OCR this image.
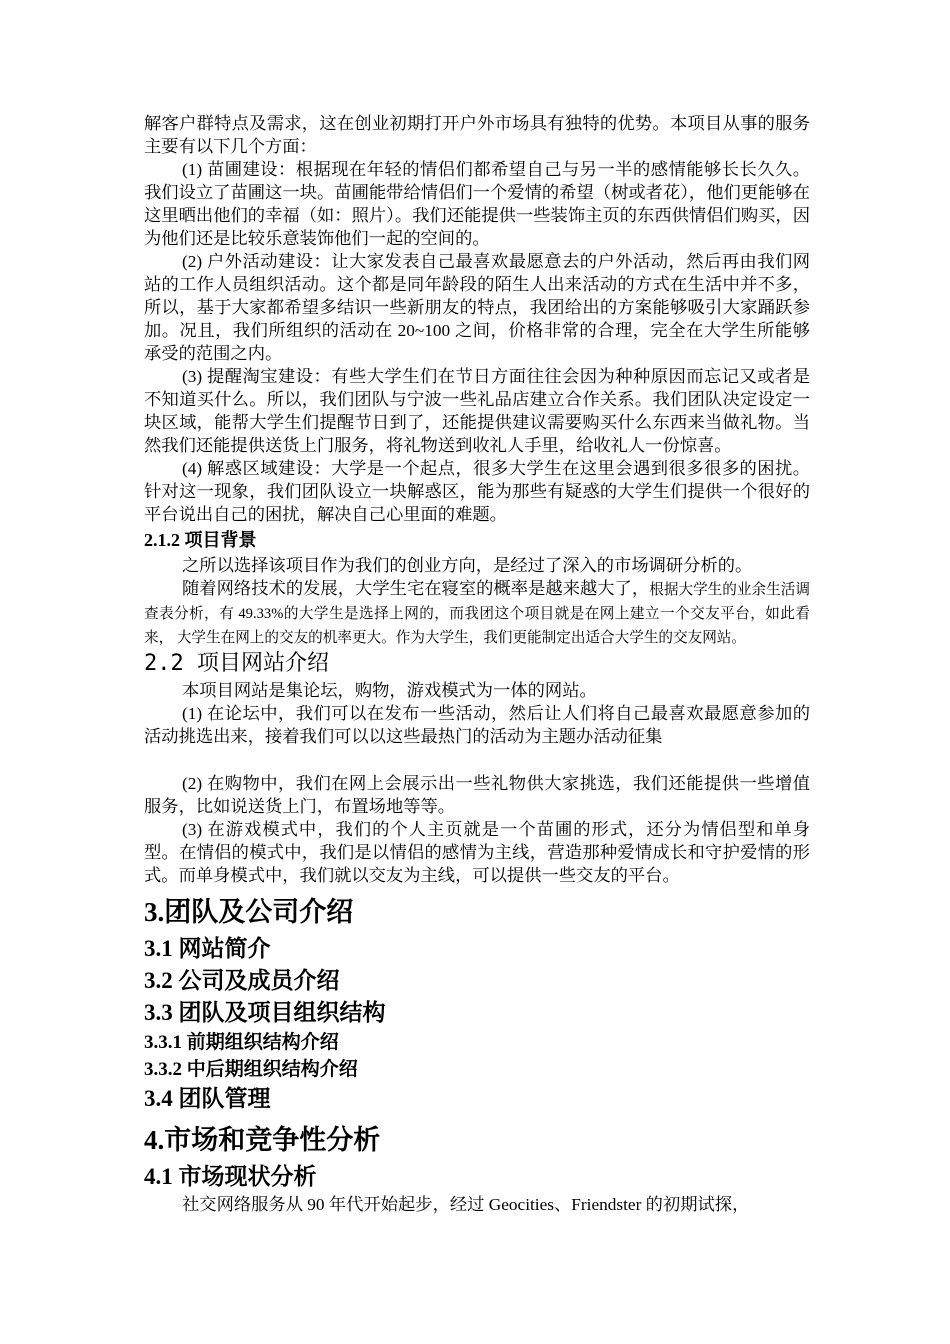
解客户群特点及需求，这在创业初期打开户外市场具有独特的优势。本项目从事的服务主要有以下几个方面：

(1) 苗圃建设：根据现在年轻的情侣们都希望自己与另一半的感情能够长长久久。我们设立了苗圃这一块。苗圃能带给情侣们一个爱情的希望（树或者花），他们更能够在这里晒出他们的幸福（如：照片）。我们还能提供一些装饰主页的东西供情侣们购买，因为他们还是比较乐意装饰他们一起的空间的。

(2) 户外活动建设：让大家发表自己最喜欢最愿意去的户外活动，然后再由我们网站的工作人员组织活动。这个都是同年龄段的陌生人出来活动的方式在生活中并不多，所以，基于大家都希望多结识一些新朋友的特点，我团给出的方案能够吸引大家踊跃参加。况且，我们所组织的活动在 20~100 之间，价格非常的合理，完全在大学生所能够承受的范围之内。

(3) 提醒淘宝建设：有些大学生们在节日方面往往会因为种种原因而忘记又或者是不知道买什么。所以，我们团队与宁波一些礼品店建立合作关系。我们团队决定设定一块区域，能帮大学生们提醒节日到了，还能提供建议需要购买什么东西来当做礼物。当然我们还能提供送货上门服务，将礼物送到收礼人手里，给收礼人一份惊喜。

(4) 解惑区域建设：大学是一个起点，很多大学生在这里会遇到很多很多的困扰。针对这一现象，我们团队设立一块解惑区，能为那些有疑惑的大学生们提供一个很好的平台说出自己的困扰，解决自己心里面的难题。

2.1.2 项目背景

之所以选择该项目作为我们的创业方向，是经过了深入的市场调研分析的。

随着网络技术的发展，大学生宅在寝室的概率是越来越大了，根据大学生的业余生活调查表分析，有 49.33%的大学生是选择上网的，而我团这个项目就是在网上建立一个交友平台，如此看来， 大学生在网上的交友的机率更大。作为大学生，我们更能制定出适合大学生的交友网站。

2.2 项目网站介绍

本项目网站是集论坛，购物，游戏模式为一体的网站。

(1) 在论坛中，我们可以在发布一些活动，然后让人们将自己最喜欢最愿意参加的活动挑选出来，接着我们可以以这些最热门的活动为主题办活动征集

(2) 在购物中，我们在网上会展示出一些礼物供大家挑选，我们还能提供一些增值服务，比如说送货上门，布置场地等等。

(3) 在游戏模式中，我们的个人主页就是一个苗圃的形式，还分为情侣型和单身型。在情侣的模式中，我们是以情侣的感情为主线，营造那种爱情成长和守护爱情的形式。而单身模式中，我们就以交友为主线，可以提供一些交友的平台。

3.团队及公司介绍
3.1 网站简介
3.2 公司及成员介绍
3.3 团队及项目组织结构
3.3.1 前期组织结构介绍
3.3.2 中后期组织结构介绍
3.4 团队管理
4.市场和竞争性分析
4.1 市场现状分析

社交网络服务从 90 年代开始起步，经过 Geocities、Friendster 的初期试探，
